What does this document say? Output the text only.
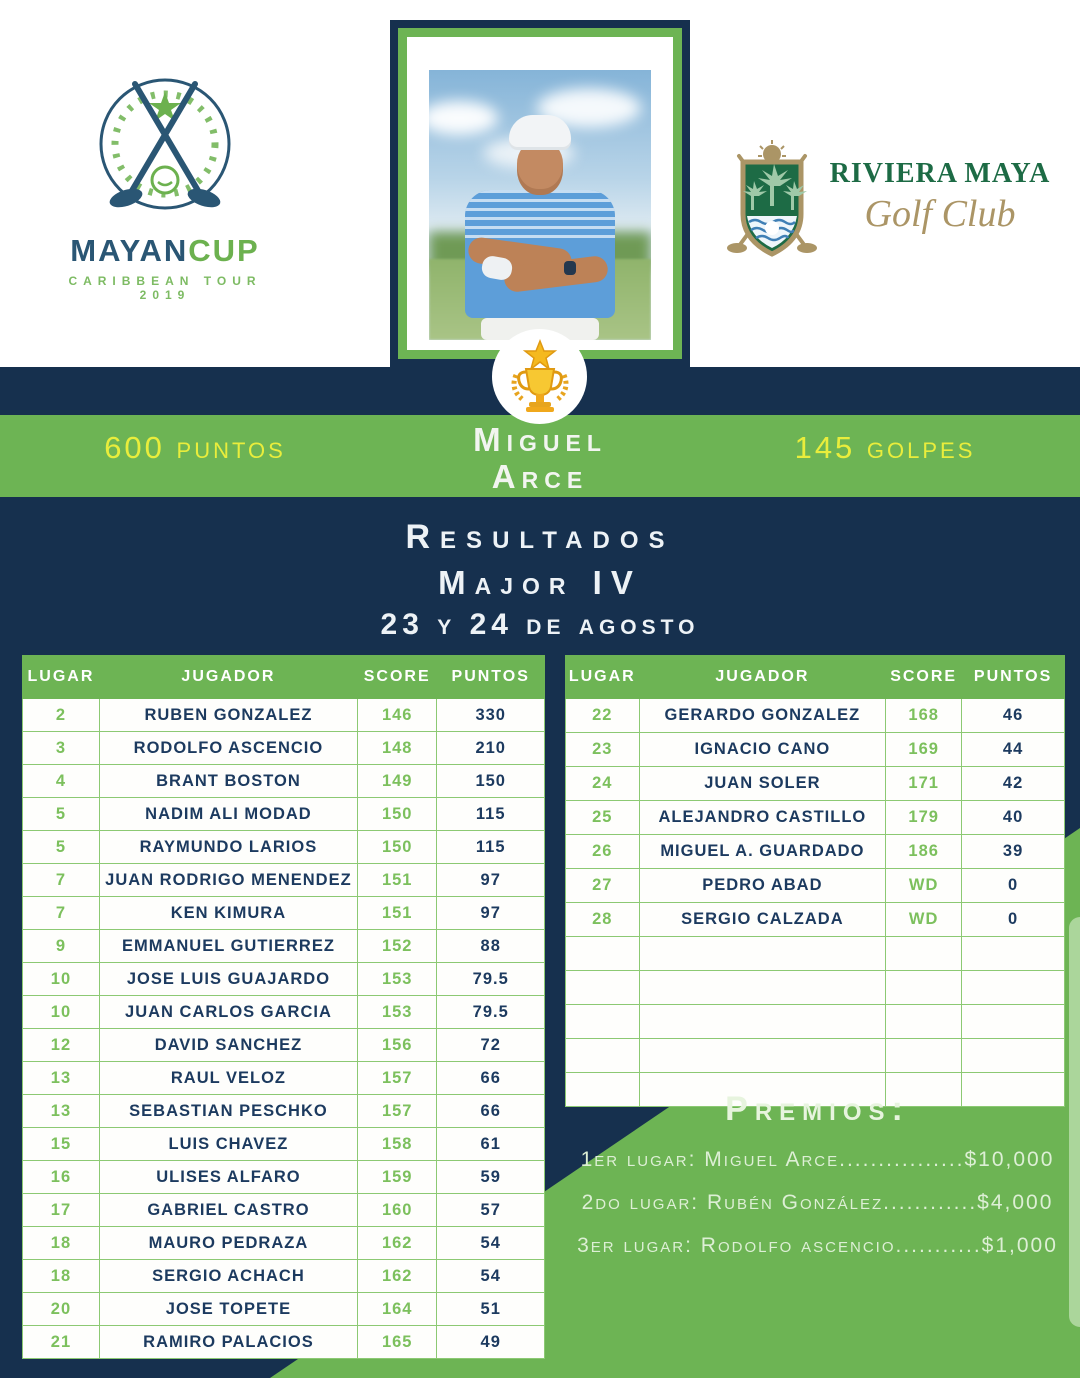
MAYANCUP
CARIBBEAN TOUR 2019
RIVIERA MAYA
Golf Club
600 puntos	Miguel
Arce
145 golpes
Resultados
Major IV
23 y 24 de agosto
LUGAR	JUGADOR	SCORE	PUNTOS
2	RUBEN GONZALEZ	146	330
3	RODOLFO ASCENCIO	148	210
4	BRANT BOSTON	149	150
5	NADIM ALI MODAD	150	115
5	RAYMUNDO LARIOS	150	115
7	JUAN RODRIGO MENENDEZ	151	97
7	KEN KIMURA	151	97
9	EMMANUEL GUTIERREZ	152	88
10	JOSE LUIS GUAJARDO	153	79.5
10	JUAN CARLOS GARCIA	153	79.5
12	DAVID SANCHEZ	156	72
13	RAUL VELOZ	157	66
13	SEBASTIAN PESCHKO	157	66
15	LUIS CHAVEZ	158	61
16	ULISES ALFARO	159	59
17	GABRIEL CASTRO	160	57
18	MAURO PEDRAZA	162	54
18	SERGIO ACHACH	162	54
20	JOSE TOPETE	164	51
21	RAMIRO PALACIOS	165	49
LUGAR	JUGADOR	SCORE	PUNTOS
22	GERARDO GONZALEZ	168	46
23	IGNACIO CANO	169	44
24	JUAN SOLER	171	42
25	ALEJANDRO CASTILLO	179	40
26	MIGUEL A. GUARDADO	186	39
27	PEDRO ABAD	WD	0
28	SERGIO CALZADA	WD	0

Premios:
1er lugar: Miguel Arce................$10,000
2do lugar: Rubén González............$4,000
3er lugar: Rodolfo ascencio...........$1,000
